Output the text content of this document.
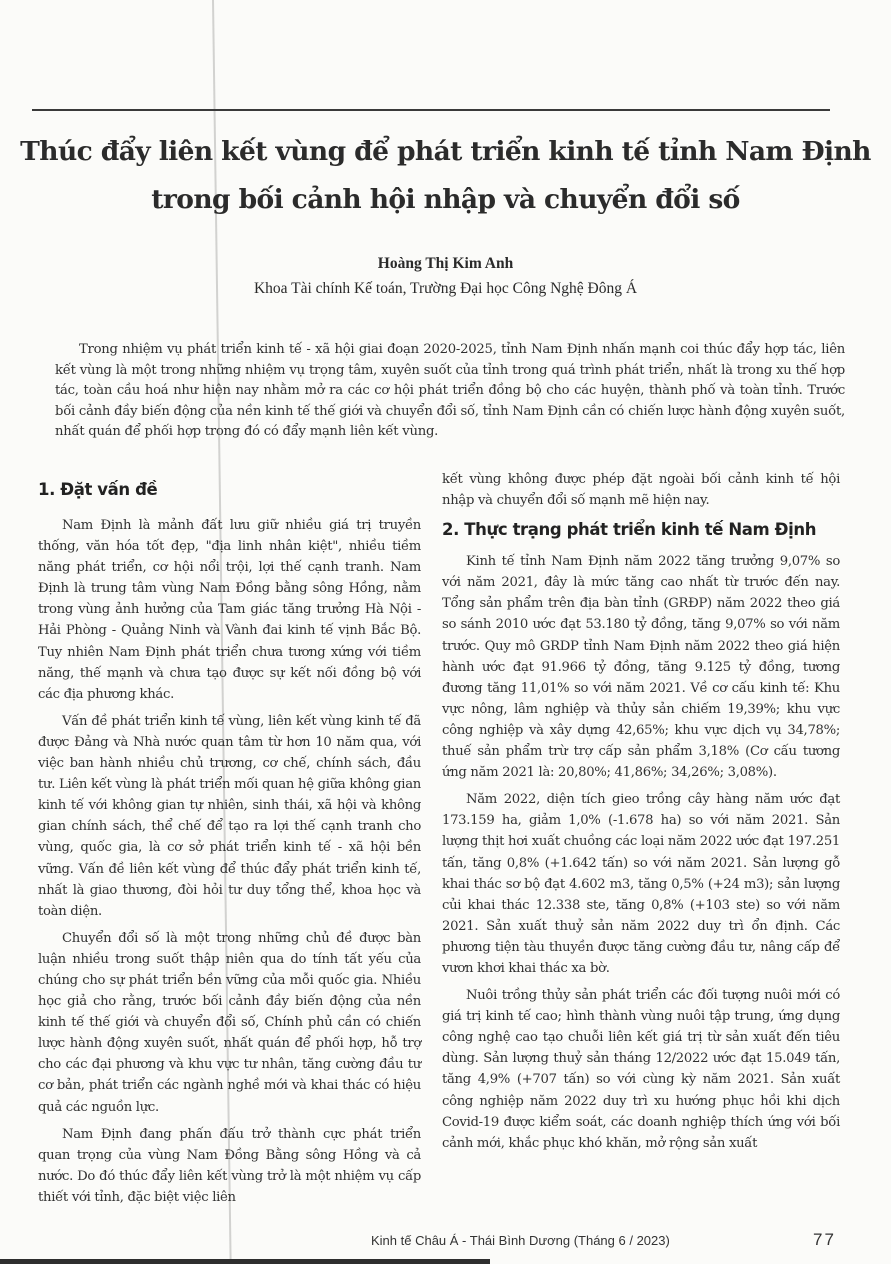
Thúc đẩy liên kết vùng để phát triển kinh tế tỉnh Nam Định
trong bối cảnh hội nhập và chuyển đổi số
Hoàng Thị Kim Anh
Khoa Tài chính Kế toán, Trường Đại học Công Nghệ Đông Á

Trong nhiệm vụ phát triển kinh tế - xã hội giai đoạn 2020-2025, tỉnh Nam Định nhấn mạnh coi thúc đẩy hợp tác, liên kết vùng là một trong những nhiệm vụ trọng tâm, xuyên suốt của tỉnh trong quá trình phát triển, nhất là trong xu thế hợp tác, toàn cầu hoá như hiện nay nhằm mở ra các cơ hội phát triển đồng bộ cho các huyện, thành phố và toàn tỉnh. Trước bối cảnh đầy biến động của nền kinh tế thế giới và chuyển đổi số, tỉnh Nam Định cần có chiến lược hành động xuyên suốt, nhất quán để phối hợp trong đó có đẩy mạnh liên kết vùng.

1. Đặt vấn đề

Nam Định là mảnh đất lưu giữ nhiều giá trị truyền thống, văn hóa tốt đẹp, "địa linh nhân kiệt", nhiều tiềm năng phát triển, cơ hội nổi trội, lợi thế cạnh tranh. Nam Định là trung tâm vùng Nam Đồng bằng sông Hồng, nằm trong vùng ảnh hưởng của Tam giác tăng trưởng Hà Nội - Hải Phòng - Quảng Ninh và Vành đai kinh tế vịnh Bắc Bộ. Tuy nhiên Nam Định phát triển chưa tương xứng với tiềm năng, thế mạnh và chưa tạo được sự kết nối đồng bộ với các địa phương khác.

Vấn đề phát triển kinh tế vùng, liên kết vùng kinh tế đã được Đảng và Nhà nước quan tâm từ hơn 10 năm qua, với việc ban hành nhiều chủ trương, cơ chế, chính sách, đầu tư. Liên kết vùng là phát triển mối quan hệ giữa không gian kinh tế với không gian tự nhiên, sinh thái, xã hội và không gian chính sách, thể chế để tạo ra lợi thế cạnh tranh cho vùng, quốc gia, là cơ sở phát triển kinh tế - xã hội bền vững. Vấn đề liên kết vùng để thúc đẩy phát triển kinh tế, nhất là giao thương, đòi hỏi tư duy tổng thể, khoa học và toàn diện.

Chuyển đổi số là một trong những chủ đề được bàn luận nhiều trong suốt thập niên qua do tính tất yếu của chúng cho sự phát triển bền vững của mỗi quốc gia. Nhiều học giả cho rằng, trước bối cảnh đầy biến động của nền kinh tế thế giới và chuyển đổi số, Chính phủ cần có chiến lược hành động xuyên suốt, nhất quán để phối hợp, hỗ trợ cho các đại phương và khu vực tư nhân, tăng cường đầu tư cơ bản, phát triển các ngành nghề mới và khai thác có hiệu quả các nguồn lực.

Nam Định đang phấn đấu trở thành cực phát triển quan trọng của vùng Nam Đồng Bằng sông Hồng và cả nước. Do đó thúc đẩy liên kết vùng trở là một nhiệm vụ cấp thiết với tỉnh, đặc biệt việc liên

kết vùng không được phép đặt ngoài bối cảnh kinh tế hội nhập và chuyển đổi số mạnh mẽ hiện nay.

2. Thực trạng phát triển kinh tế Nam Định

Kinh tế tỉnh Nam Định năm 2022 tăng trưởng 9,07% so với năm 2021, đây là mức tăng cao nhất từ trước đến nay. Tổng sản phẩm trên địa bàn tỉnh (GRĐP) năm 2022 theo giá so sánh 2010 ước đạt 53.180 tỷ đồng, tăng 9,07% so với năm trước. Quy mô GRDP tỉnh Nam Định năm 2022 theo giá hiện hành ước đạt 91.966 tỷ đồng, tăng 9.125 tỷ đồng, tương đương tăng 11,01% so với năm 2021. Về cơ cấu kinh tế: Khu vực nông, lâm nghiệp và thủy sản chiếm 19,39%; khu vực công nghiệp và xây dựng 42,65%; khu vực dịch vụ 34,78%; thuế sản phẩm trừ trợ cấp sản phẩm 3,18% (Cơ cấu tương ứng năm 2021 là: 20,80%; 41,86%; 34,26%; 3,08%).

Năm 2022, diện tích gieo trồng cây hàng năm ước đạt 173.159 ha, giảm 1,0% (-1.678 ha) so với năm 2021. Sản lượng thịt hơi xuất chuồng các loại năm 2022 ước đạt 197.251 tấn, tăng 0,8% (+1.642 tấn) so với năm 2021. Sản lượng gỗ khai thác sơ bộ đạt 4.602 m3, tăng 0,5% (+24 m3); sản lượng củi khai thác 12.338 ste, tăng 0,8% (+103 ste) so với năm 2021. Sản xuất thuỷ sản năm 2022 duy trì ổn định. Các phương tiện tàu thuyền được tăng cường đầu tư, nâng cấp để vươn khơi khai thác xa bờ.

Nuôi trồng thủy sản phát triển các đối tượng nuôi mới có giá trị kinh tế cao; hình thành vùng nuôi tập trung, ứng dụng công nghệ cao tạo chuỗi liên kết giá trị từ sản xuất đến tiêu dùng. Sản lượng thuỷ sản tháng 12/2022 ước đạt 15.049 tấn, tăng 4,9% (+707 tấn) so với cùng kỳ năm 2021. Sản xuất công nghiệp năm 2022 duy trì xu hướng phục hồi khi dịch Covid-19 được kiểm soát, các doanh nghiệp thích ứng với bối cảnh mới, khắc phục khó khăn, mở rộng sản xuất

Kinh tế Châu Á - Thái Bình Dương (Tháng 6 / 2023)	77
